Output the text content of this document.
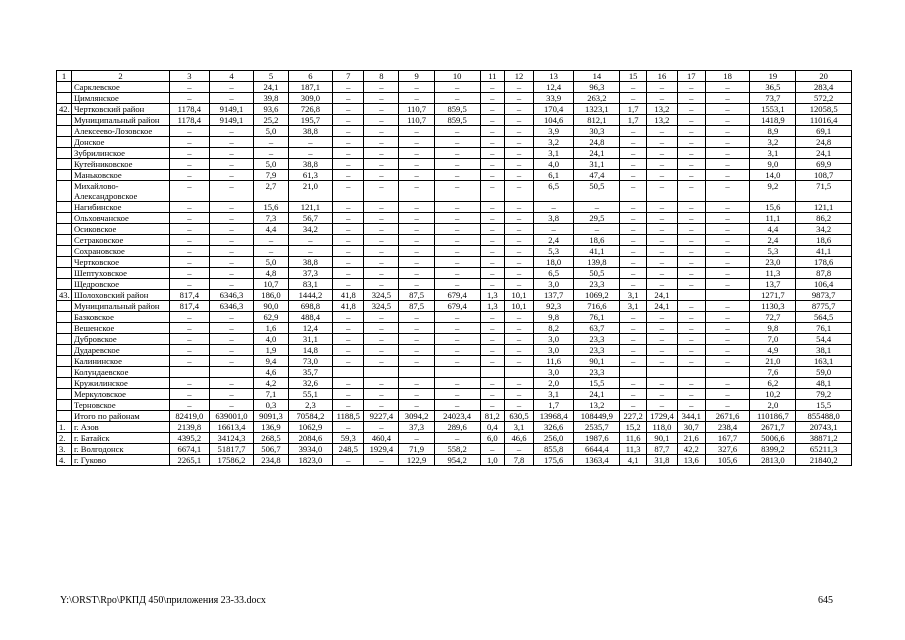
1	2	3	4	5	6	7	8	9	10	11	12	13	14	15	16	17	18	19	20
	Сарклевское	–	–	24,1	187,1	–	–	–	–	–	–	12,4	96,3	–	–	–	–	36,5	283,4
	Цимлянское	–	–	39,8	309,0	–	–	–	–	–	–	33,9	263,2	–	–	–	–	73,7	572,2
42.	Чертковский район	1178,4	9149,1	93,6	726,8	–	–	110,7	859,5	–	–	170,4	1323,1	1,7	13,2	–	–	1553,1	12058,5
	Муниципальный район	1178,4	9149,1	25,2	195,7	–	–	110,7	859,5	–	–	104,6	812,1	1,7	13,2	–	–	1418,9	11016,4
	Алексеево-Лозовское	–	–	5,0	38,8	–	–	–	–	–	–	3,9	30,3	–	–	–	–	8,9	69,1
	Донское	–	–	–	–	–	–	–	–	–	–	3,2	24,8	–	–	–	–	3,2	24,8
	Зубрилинское	–	–	–	–	–	–	–	–	–	–	3,1	24,1	–	–	–	–	3,1	24,1
	Кутейниковское	–	–	5,0	38,8	–	–	–	–	–	–	4,0	31,1	–	–	–	–	9,0	69,9
	Маньковское	–	–	7,9	61,3	–	–	–	–	–	–	6,1	47,4	–	–	–	–	14,0	108,7
	Михайлово-Александровское	–	–	2,7	21,0	–	–	–	–	–	–	6,5	50,5	–	–	–	–	9,2	71,5
	Нагибинское	–	–	15,6	121,1	–	–	–	–	–	–	–	–	–	–	–	–	15,6	121,1
	Ольховчанское	–	–	7,3	56,7	–	–	–	–	–	–	3,8	29,5	–	–	–	–	11,1	86,2
	Осиковское	–	–	4,4	34,2	–	–	–	–	–	–	–	–	–	–	–	–	4,4	34,2
	Сетраковское	–	–	–	–	–	–	–	–	–	–	2,4	18,6	–	–	–	–	2,4	18,6
	Сохрановское	–	–	–	–	–	–	–	–	–	–	5,3	41,1	–	–	–	–	5,3	41,1
	Чертковское	–	–	5,0	38,8	–	–	–	–	–	–	18,0	139,8	–	–	–	–	23,0	178,6
	Шептуховское	–	–	4,8	37,3	–	–	–	–	–	–	6,5	50,5	–	–	–	–	11,3	87,8
	Щедровское	–	–	10,7	83,1	–	–	–	–	–	–	3,0	23,3	–	–	–	–	13,7	106,4
43.	Шолоховский район	817,4	6346,3	186,0	1444,2	41,8	324,5	87,5	679,4	1,3	10,1	137,7	1069,2	3,1	24,1			1271,7	9873,7
	Муниципальный район	817,4	6346,3	90,0	698,8	41,8	324,5	87,5	679,4	1,3	10,1	92,3	716,6	3,1	24,1	–	–	1130,3	8775,7
	Базковское	–	–	62,9	488,4	–	–	–	–	–	–	9,8	76,1	–	–	–	–	72,7	564,5
	Вешенское	–	–	1,6	12,4	–	–	–	–	–	–	8,2	63,7	–	–	–	–	9,8	76,1
	Дубровское	–	–	4,0	31,1	–	–	–	–	–	–	3,0	23,3	–	–	–	–	7,0	54,4
	Дударевское	–	–	1,9	14,8	–	–	–	–	–	–	3,0	23,3	–	–	–	–	4,9	38,1
	Калининское	–	–	9,4	73,0	–	–	–	–	–	–	11,6	90,1	–	–	–	–	21,0	163,1
	Колундаевское			4,6	35,7							3,0	23,3					7,6	59,0
	Кружилинское	–	–	4,2	32,6	–	–	–	–	–	–	2,0	15,5	–	–	–	–	6,2	48,1
	Меркуловское	–	–	7,1	55,1	–	–	–	–	–	–	3,1	24,1	–	–	–	–	10,2	79,2
	Терновское	–	–	0,3	2,3	–	–	–	–	–	–	1,7	13,2	–	–	–	–	2,0	15,5
	Итого по районам	82419,0	639001,0	9091,3	70584,2	1188,5	9227,4	3094,2	24023,4	81,2	630,5	13968,4	108449,9	227,2	1729,4	344,1	2671,6	110186,7	855488,0
1.	г. Азов	2139,8	16613,4	136,9	1062,9	–	–	37,3	289,6	0,4	3,1	326,6	2535,7	15,2	118,0	30,7	238,4	2671,7	20743,1
2.	г. Батайск	4395,2	34124,3	268,5	2084,6	59,3	460,4	–	–	6,0	46,6	256,0	1987,6	11,6	90,1	21,6	167,7	5006,6	38871,2
3.	г. Волгодонск	6674,1	51817,7	506,7	3934,0	248,5	1929,4	71,9	558,2	–	–	855,8	6644,4	11,3	87,7	42,2	327,6	8399,2	65211,3
4.	г. Гуково	2265,1	17586,2	234,8	1823,0	–	–	122,9	954,2	1,0	7,8	175,6	1363,4	4,1	31,8	13,6	105,6	2813,0	21840,2
Y:\ORST\Rpo\РКПД 450\приложения 23-33.docx	645
